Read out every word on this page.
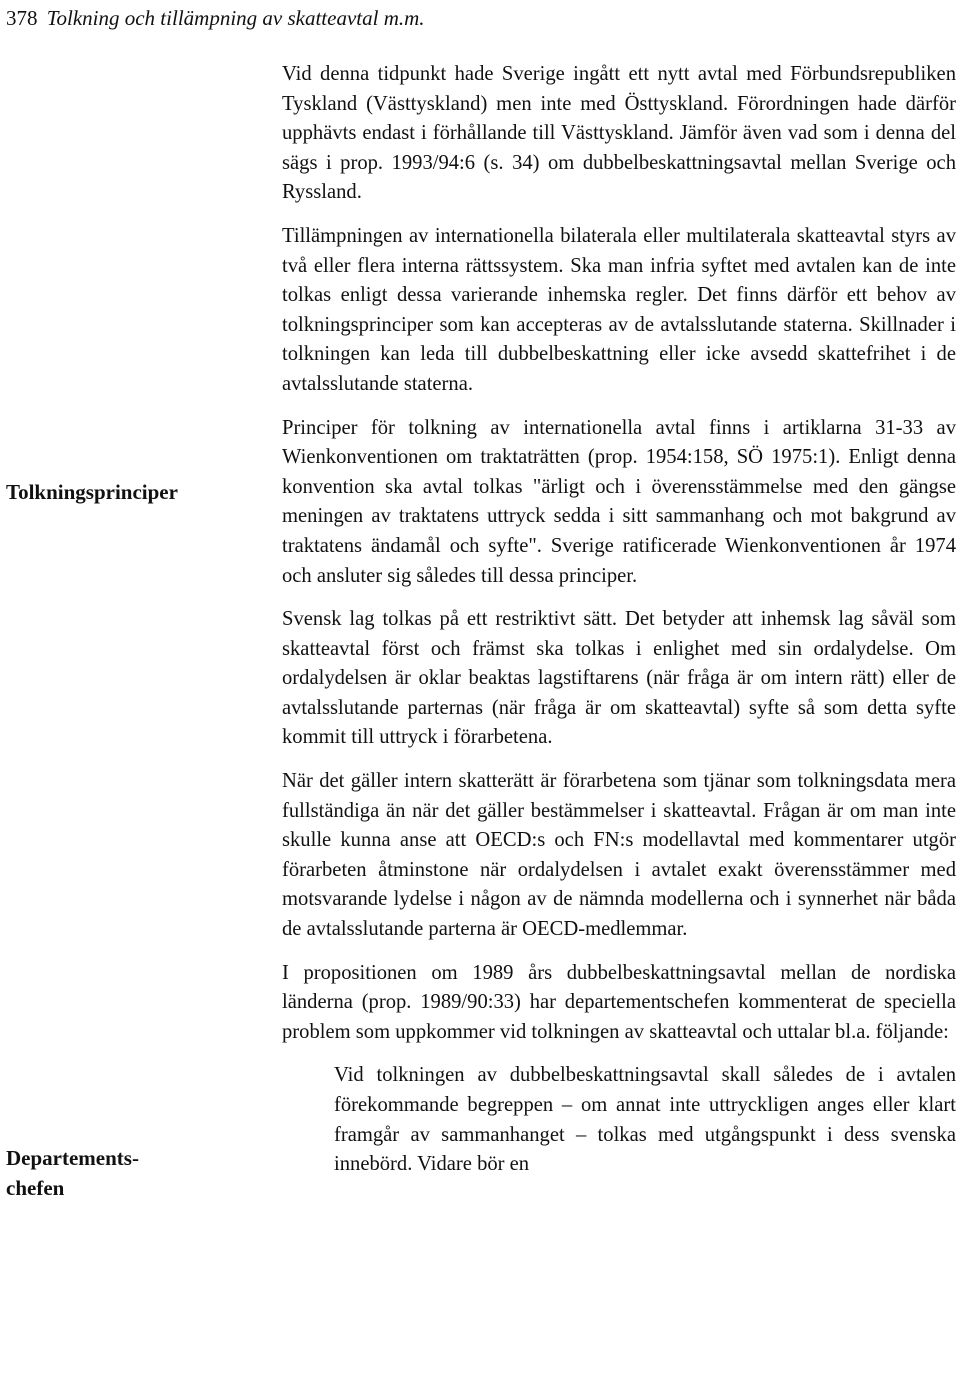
378 Tolkning och tillämpning av skatteavtal m.m.
Tolkningsprinciper
Departements-
chefen

Vid denna tidpunkt hade Sverige ingått ett nytt avtal med Förbundsrepubliken Tyskland (Västtyskland) men inte med Östtyskland. Förordningen hade därför upphävts endast i förhållande till Västtyskland. Jämför även vad som i denna del sägs i prop. 1993/94:6 (s. 34) om dubbelbeskattningsavtal mellan Sverige och Ryssland.

Tillämpningen av internationella bilaterala eller multilaterala skatteavtal styrs av två eller flera interna rättssystem. Ska man infria syftet med avtalen kan de inte tolkas enligt dessa varierande inhemska regler. Det finns därför ett behov av tolkningsprinciper som kan accepteras av de avtalsslutande staterna. Skillnader i tolkningen kan leda till dubbelbeskattning eller icke avsedd skattefrihet i de avtalsslutande staterna.

Principer för tolkning av internationella avtal finns i artiklarna 31-33 av Wienkonventionen om traktaträtten (prop. 1954:158, SÖ 1975:1). Enligt denna konvention ska avtal tolkas "ärligt och i överensstämmelse med den gängse meningen av traktatens uttryck sedda i sitt sammanhang och mot bakgrund av traktatens ändamål och syfte". Sverige ratificerade Wienkonventionen år 1974 och ansluter sig således till dessa principer.

Svensk lag tolkas på ett restriktivt sätt. Det betyder att inhemsk lag såväl som skatteavtal först och främst ska tolkas i enlighet med sin ordalydelse. Om ordalydelsen är oklar beaktas lagstiftarens (när fråga är om intern rätt) eller de avtalsslutande parternas (när fråga är om skatteavtal) syfte så som detta syfte kommit till uttryck i förarbetena.

När det gäller intern skatterätt är förarbetena som tjänar som tolkningsdata mera fullständiga än när det gäller bestämmelser i skatteavtal. Frågan är om man inte skulle kunna anse att OECD:s och FN:s modellavtal med kommentarer utgör förarbeten åtminstone när ordalydelsen i avtalet exakt överensstämmer med motsvarande lydelse i någon av de nämnda modellerna och i synnerhet när båda de avtalsslutande parterna är OECD-medlemmar.

I propositionen om 1989 års dubbelbeskattningsavtal mellan de nordiska länderna (prop. 1989/90:33) har departementschefen kommenterat de speciella problem som uppkommer vid tolkningen av skatteavtal och uttalar bl.a. följande:

Vid tolkningen av dubbelbeskattningsavtal skall således de i avtalen förekommande begreppen – om annat inte uttryckligen anges eller klart framgår av sammanhanget – tolkas med utgångspunkt i dess svenska innebörd. Vidare bör en
